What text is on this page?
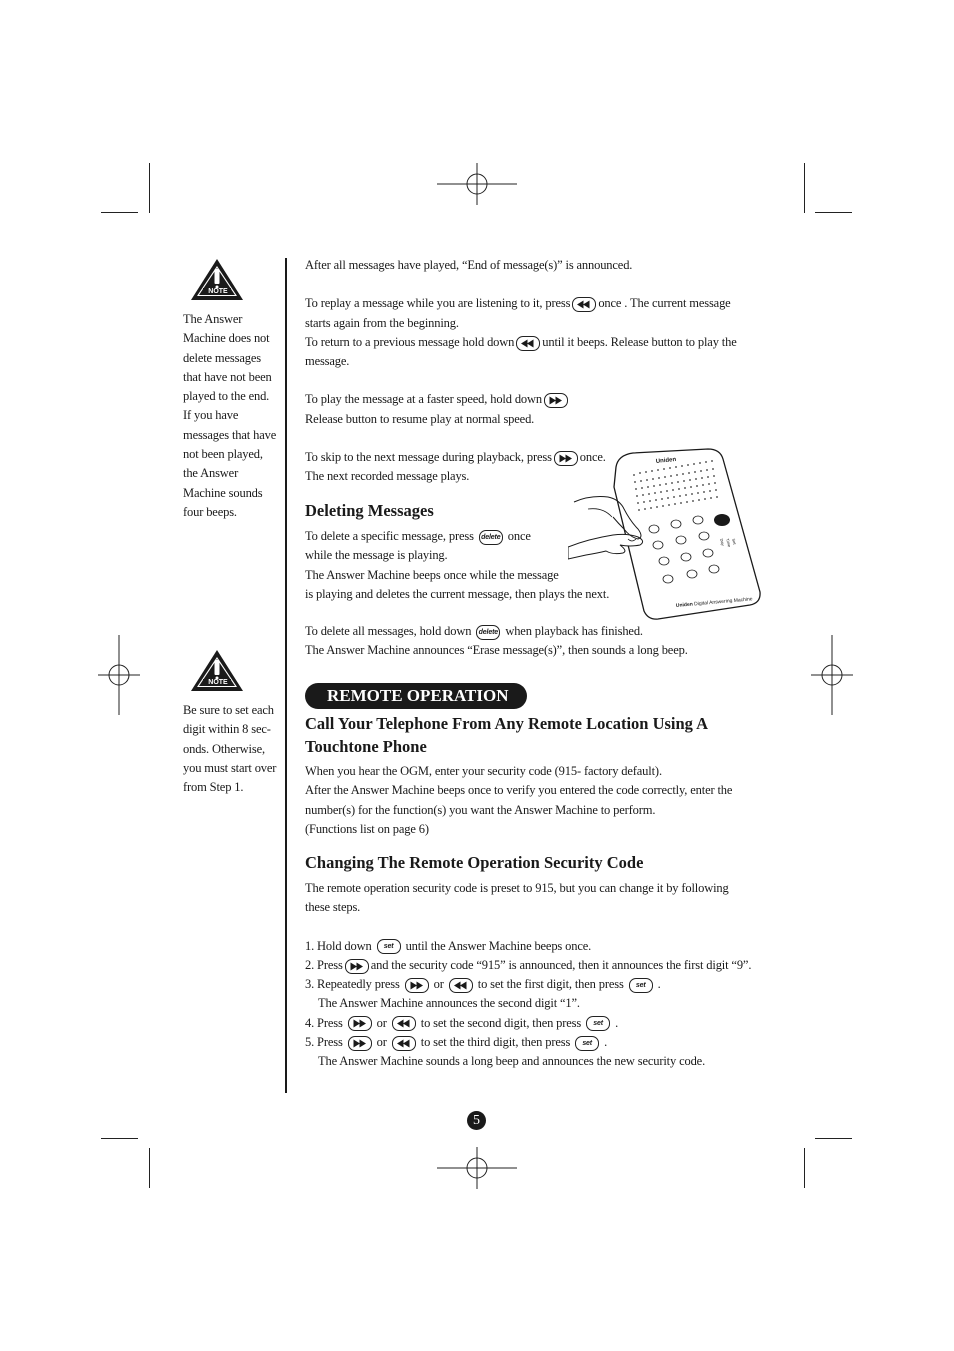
NOTE

The Answer

Machine does not

delete messages

that have not been

played to the end.

If you have

messages that have

not been played,

the Answer

Machine sounds

four beeps.

NOTE

Be sure to set each

digit within 8 sec-

onds. Otherwise,

you must start over

from Step 1.

After all messages have played, “End of message(s)” is announced.

To replay a message while you are listening to it, press once . The current message

starts again from the beginning.

To return to a previous message hold down until it beeps. Release button to play the

message.

To play the message at a faster speed, hold down

Release button to resume play at normal speed.

To skip to the next message during playback, press once.

The next recorded message plays.

Deleting Messages

To delete a specific message, press delete once

while the message is playing.

The Answer Machine beeps once while the message

is playing and deletes the current message, then plays the next.

To delete all messages, hold down delete when playback has finished.

The Answer Machine announces “Erase message(s)”, then sounds a long beep.

Uniden
Day Time
Set
Uniden Digital Answering Machine
REMOTE OPERATION

Call Your Telephone From Any Remote Location Using A

Touchtone Phone

When you hear the OGM, enter your security code (915- factory default).

After the Answer Machine beeps once to verify you entered the code correctly, enter the

number(s) for the function(s) you want the Answer Machine to perform.

(Functions list on page 6)

Changing The Remote Operation Security Code

The remote operation security code is preset to 915, but you can change it by following

these steps.

1. Hold down set until the Answer Machine beeps once.

2. Press and the security code “915” is announced, then it announces the first digit “9”.

3. Repeatedly press	or	to set the first digit, then press set .

The Answer Machine announces the second digit “1”.

4. Press	or	to set the second digit, then press set .

5. Press	or	to set the third digit, then press set .

The Answer Machine sounds a long beep and announces the new security code.

5
